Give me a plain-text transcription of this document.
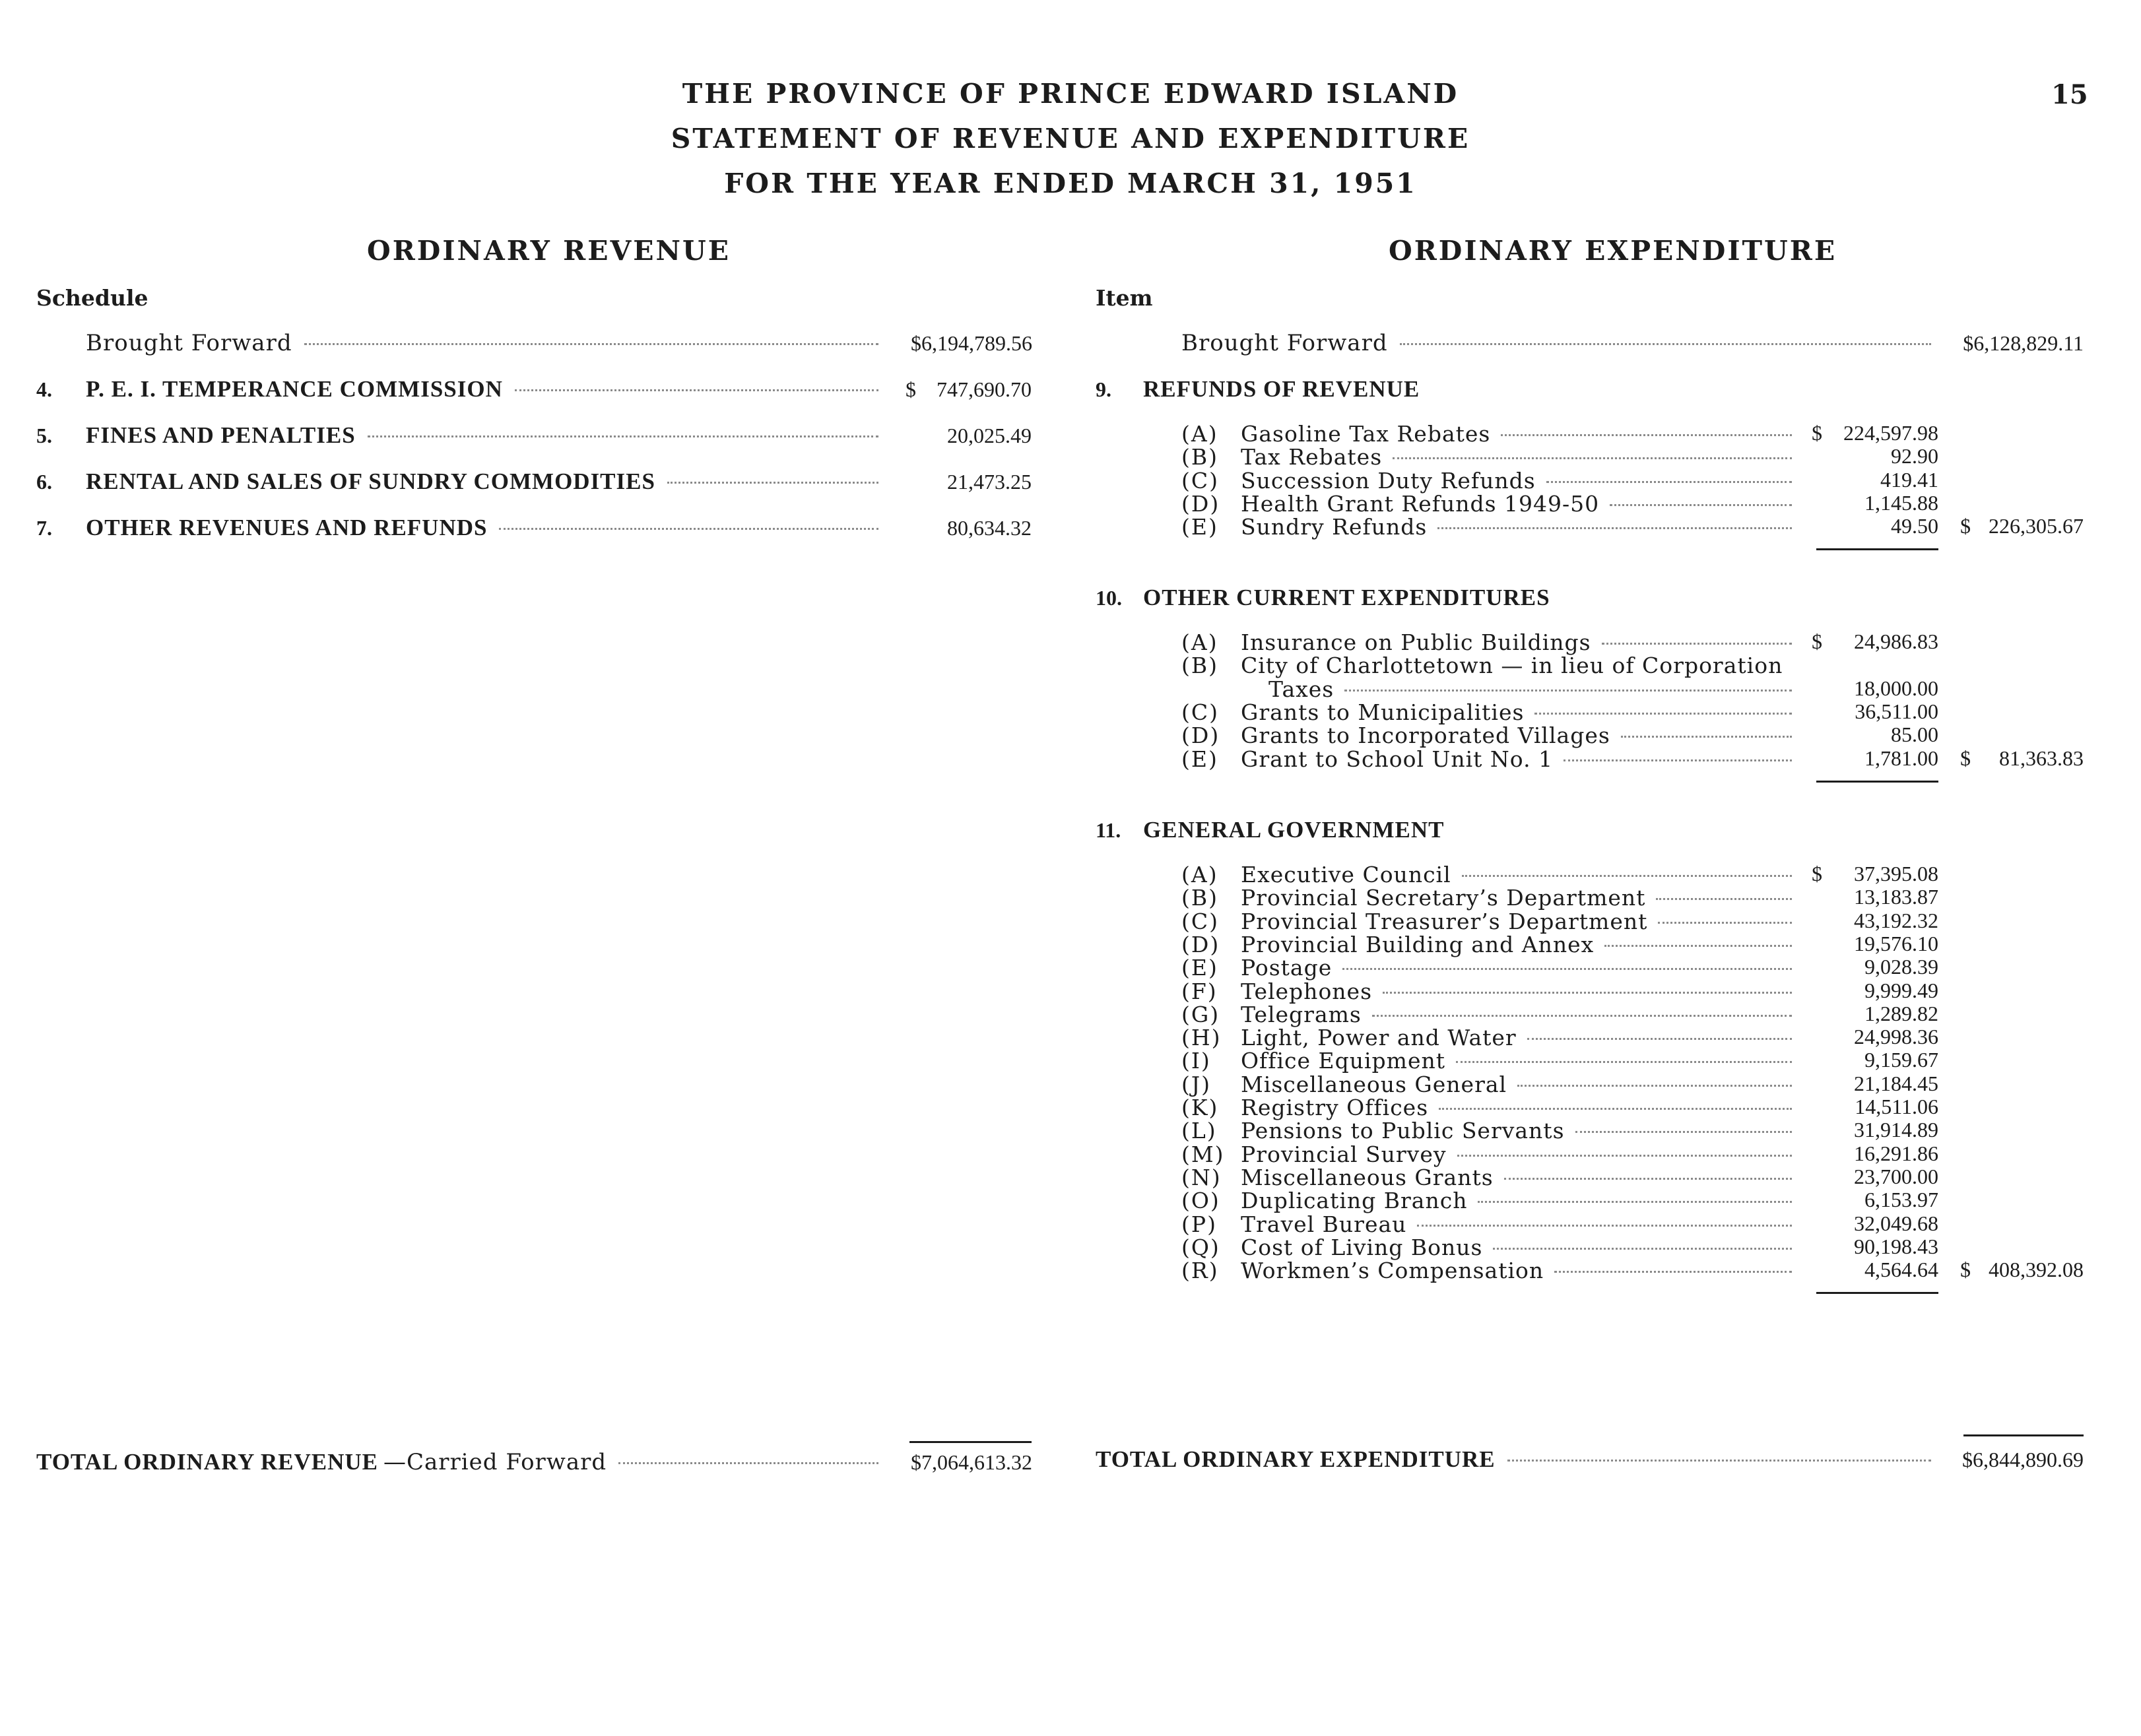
THE PROVINCE OF PRINCE EDWARD ISLAND
STATEMENT OF REVENUE AND EXPENDITURE
FOR THE YEAR ENDED MARCH 31, 1951
15
ORDINARY REVENUE	ORDINARY EXPENDITURE
Schedule	Item
Brought Forward	$6,194,789.56
4.	P. E. I. TEMPERANCE COMMISSION	$ 747,690.70
5.	FINES AND PENALTIES	20,025.49
6.	RENTAL AND SALES OF SUNDRY COMMODITIES	21,473.25
7.	OTHER REVENUES AND REFUNDS	80,634.32
TOTAL ORDINARY REVENUE —Carried Forward	$7,064,613.32
Brought Forward	$6,128,829.11
9.	REFUNDS OF REVENUE
(A)	Gasoline Tax Rebates	$	224,597.98
(B)	Tax Rebates	92.90
(C)	Succession Duty Refunds	419.41
(D) Health Grant Refunds 1949-50	1,145.88
(E)	Sundry Refunds	49.50 $ 226,305.67
10. OTHER CURRENT EXPENDITURES
(A)	Insurance on Public Buildings	$	24,986.83
(B)	City of Charlottetown — in lieu of Corporation
Taxes	18,000.00
(C)	Grants to Municipalities	36,511.00
(D) Grants to Incorporated Villages	85.00
(E)	Grant to School Unit No. 1	1,781.00 $	81,363.83
11. GENERAL GOVERNMENT
(A)	Executive Council	$	37,395.08
(B)	Provincial Secretary’s Department	13,183.87
(C)	Provincial Treasurer’s Department	43,192.32
(D) Provincial Building and Annex	19,576.10
(E)	Postage	9,028.39
(F)	Telephones	9,999.49
(G) Telegrams	1,289.82
(H) Light, Power and Water	24,998.36
(I)	Office Equipment	9,159.67
(J)	Miscellaneous General	21,184.45
(K)	Registry Offices	14,511.06
(L)	Pensions to Public Servants	31,914.89
(M) Provincial Survey	16,291.86
(N) Miscellaneous Grants	23,700.00
(O) Duplicating Branch	6,153.97
(P)	Travel Bureau	32,049.68
(Q) Cost of Living Bonus	90,198.43
(R)	Workmen’s Compensation	4,564.64 $ 408,392.08
TOTAL ORDINARY EXPENDITURE	$6,844,890.69
